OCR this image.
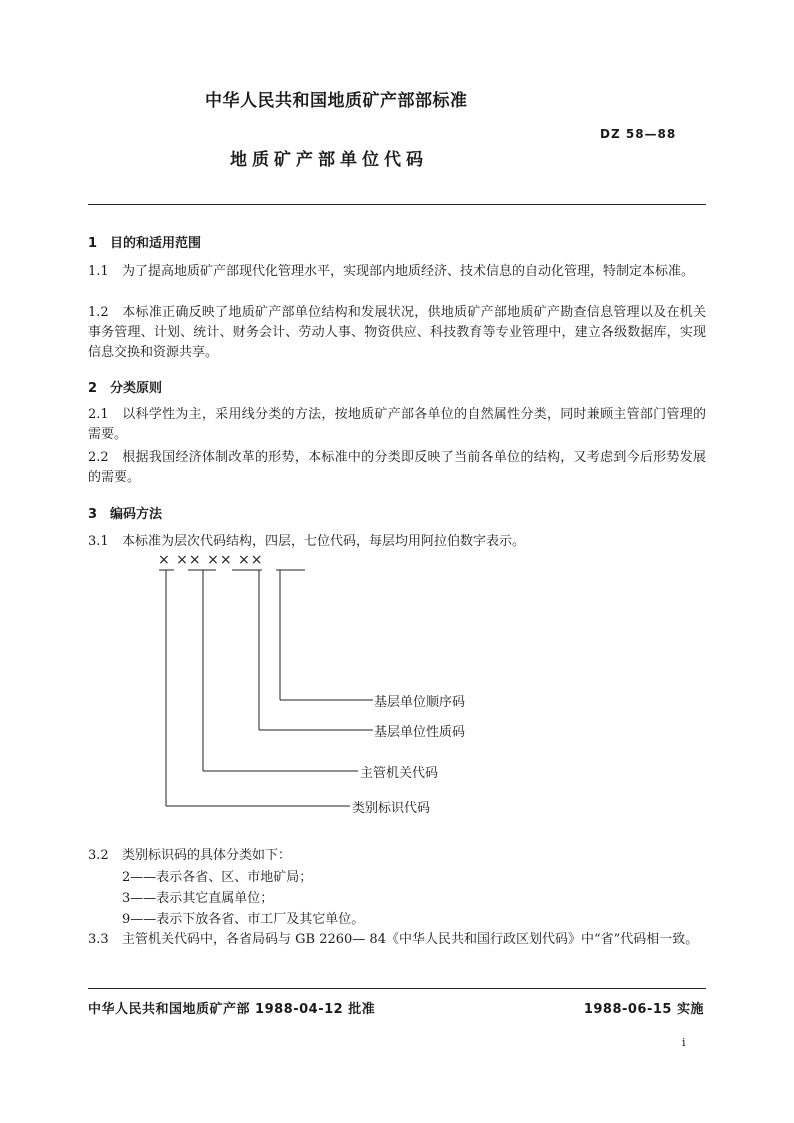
中华人民共和国地质矿产部部标准
DZ 58—88
地质矿产部单位代码
1 目的和适用范围
1.1 为了提高地质矿产部现代化管理水平，实现部内地质经济、技术信息的自动化管理，特制定本标准。
1.2 本标准正确反映了地质矿产部单位结构和发展状况，供地质矿产部地质矿产勘查信息管理以及在机关事务管理、计划、统计、财务会计、劳动人事、物资供应、科技教育等专业管理中，建立各级数据库，实现信息交换和资源共享。
2 分类原则
2.1 以科学性为主，采用线分类的方法，按地质矿产部各单位的自然属性分类，同时兼顾主管部门管理的需要。
2.2 根据我国经济体制改革的形势，本标准中的分类即反映了当前各单位的结构，又考虑到今后形势发展的需要。
3 编码方法
3.1 本标准为层次代码结构，四层，七位代码，每层均用阿拉伯数字表示。
× ×× ×× ××
基层单位顺序码
基层单位性质码
主管机关代码
类别标识代码
3.2 类别标识码的具体分类如下：
2——表示各省、区、市地矿局；
3——表示其它直属单位；
9——表示下放各省、市工厂及其它单位。
3.3 主管机关代码中，各省局码与 GB 2260— 84《中华人民共和国行政区划代码》中“省”代码相一致。
中华人民共和国地质矿产部 1988-04-12 批准	1988-06-15 实施
i
